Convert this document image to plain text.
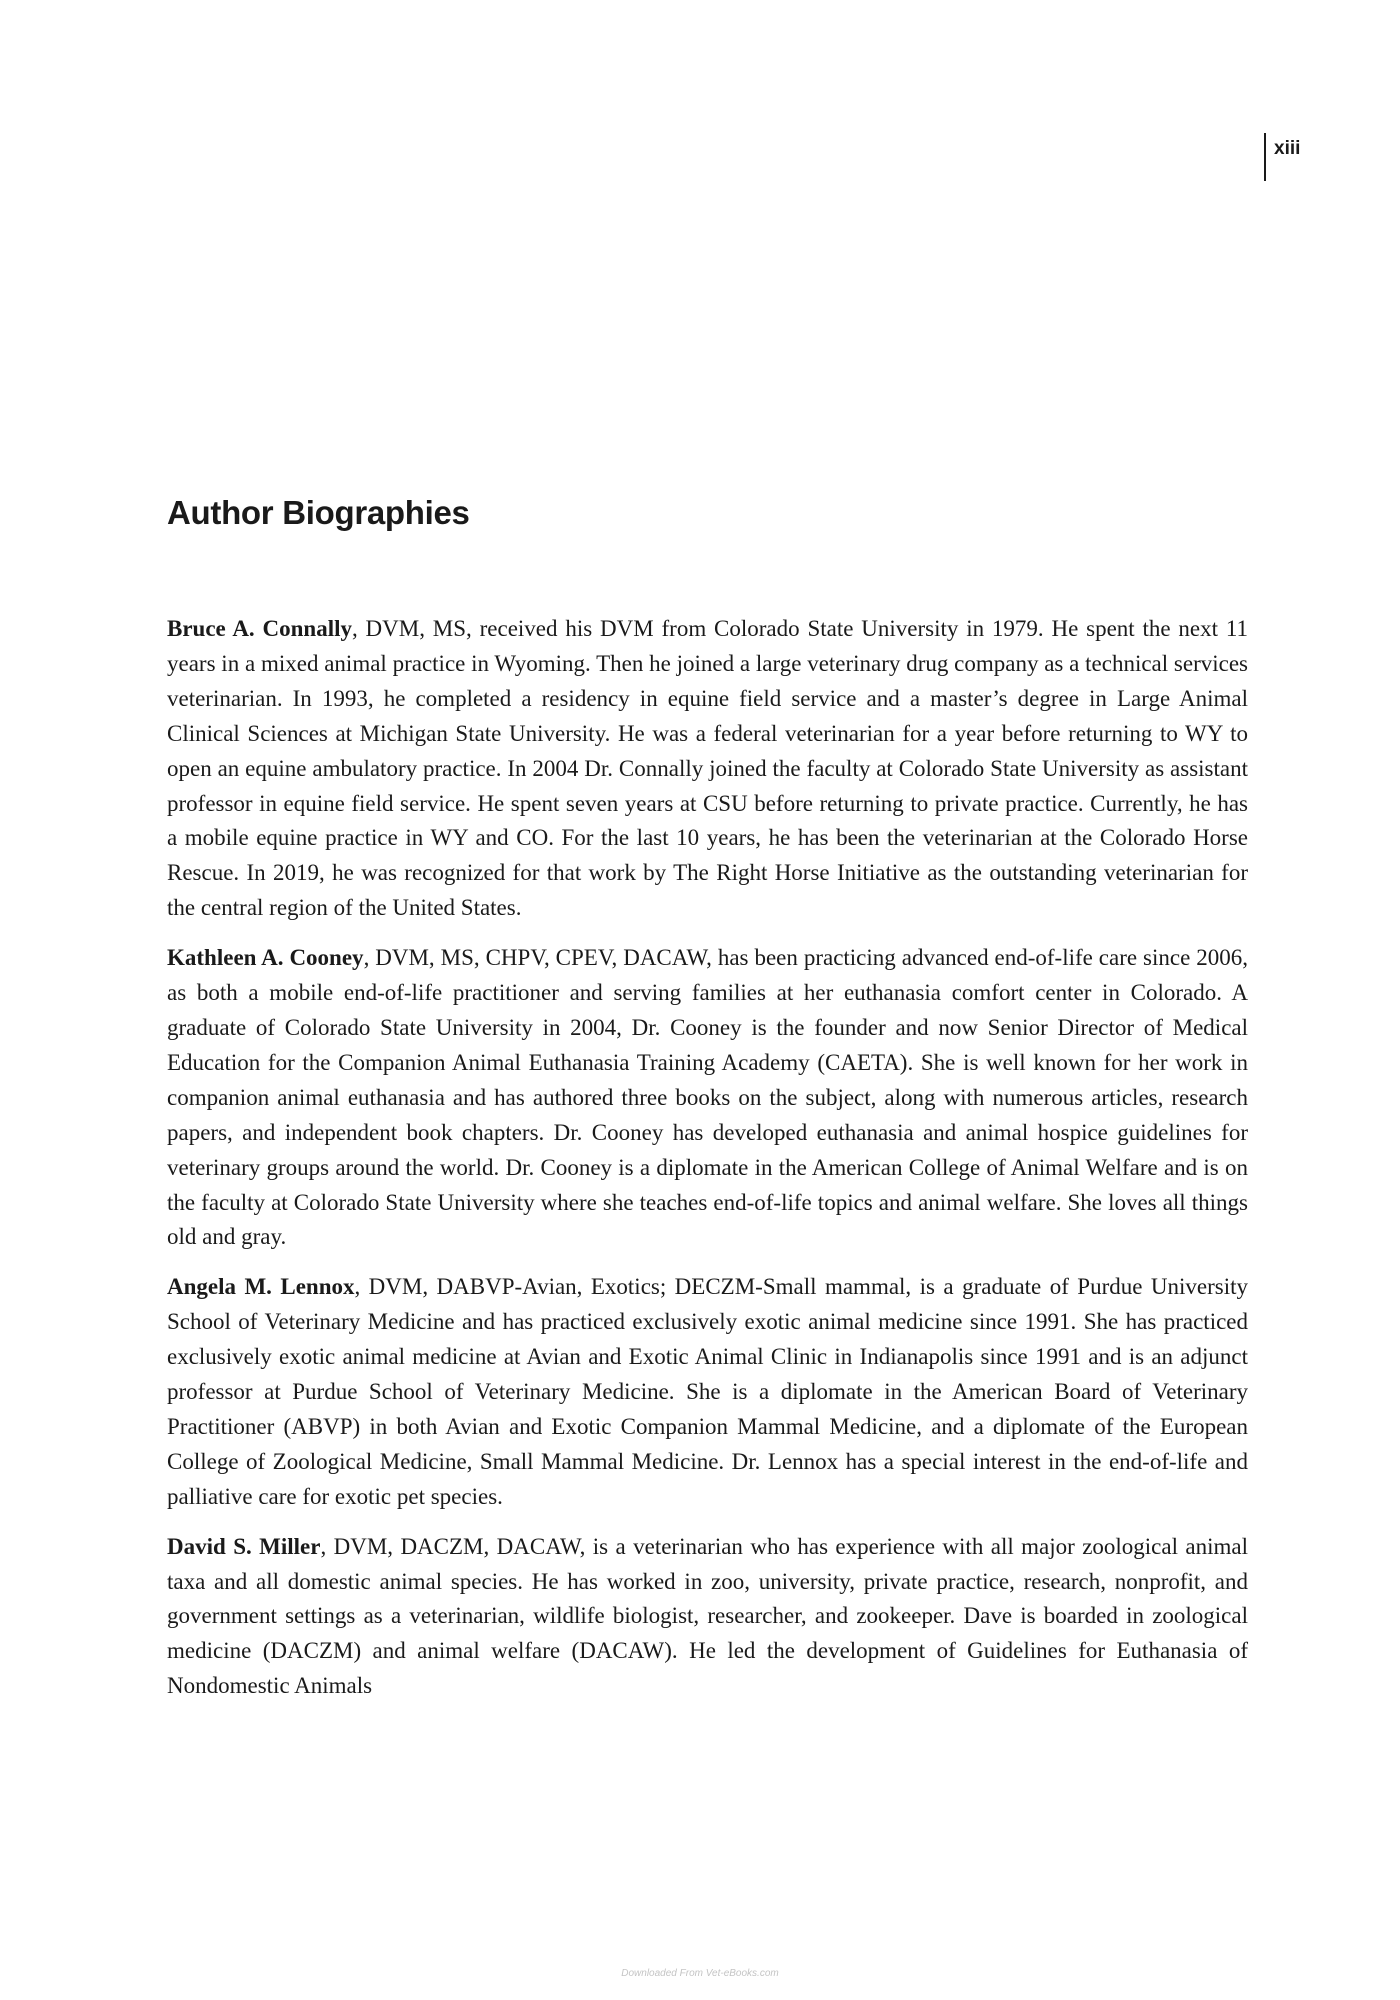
xiii
Author Biographies

Bruce A. Connally, DVM, MS, received his DVM from Colorado State University in 1979. He spent the next 11 years in a mixed animal practice in Wyoming. Then he joined a large veterinary drug company as a technical services veterinarian. In 1993, he completed a residency in equine field service and a master’s degree in Large Animal Clinical Sciences at Michigan State University. He was a federal veterinarian for a year before returning to WY to open an equine ambulatory practice. In 2004 Dr. Connally joined the faculty at Colorado State University as assistant professor in equine field service. He spent seven years at CSU before returning to private practice. Currently, he has a mobile equine practice in WY and CO. For the last 10 years, he has been the veterinarian at the Colorado Horse Rescue. In 2019, he was recognized for that work by The Right Horse Initiative as the outstanding veterinarian for the central region of the United States.

Kathleen A. Cooney, DVM, MS, CHPV, CPEV, DACAW, has been practicing advanced end-of-life care since 2006, as both a mobile end-of-life practitioner and serving families at her euthanasia comfort center in Colorado. A graduate of Colorado State University in 2004, Dr. Cooney is the founder and now Senior Director of Medical Education for the Companion Animal Euthanasia Training Academy (CAETA). She is well known for her work in companion animal euthanasia and has authored three books on the subject, along with numerous articles, research papers, and independent book chapters. Dr. Cooney has developed euthanasia and animal hospice guidelines for veterinary groups around the world. Dr. Cooney is a diplomate in the American College of Animal Welfare and is on the faculty at Colorado State University where she teaches end-of-life topics and animal welfare. She loves all things old and gray.

Angela M. Lennox, DVM, DABVP-Avian, Exotics; DECZM-Small mammal, is a graduate of Purdue University School of Veterinary Medicine and has practiced exclusively exotic animal medicine since 1991. She has practiced exclusively exotic animal medicine at Avian and Exotic Animal Clinic in Indianapolis since 1991 and is an adjunct professor at Purdue School of Veterinary Medicine. She is a diplomate in the American Board of Veterinary Practitioner (ABVP) in both Avian and Exotic Companion Mammal Medicine, and a diplomate of the European College of Zoological Medicine, Small Mammal Medicine. Dr. Lennox has a special interest in the end-of-life and palliative care for exotic pet species.

David S. Miller, DVM, DACZM, DACAW, is a veterinarian who has experience with all major zoological animal taxa and all domestic animal species. He has worked in zoo, university, private practice, research, nonprofit, and government settings as a veterinarian, wildlife biologist, researcher, and zookeeper. Dave is boarded in zoological medicine (DACZM) and animal welfare (DACAW). He led the development of Guidelines for Euthanasia of Nondomestic Animals

Downloaded From Vet-eBooks.com
